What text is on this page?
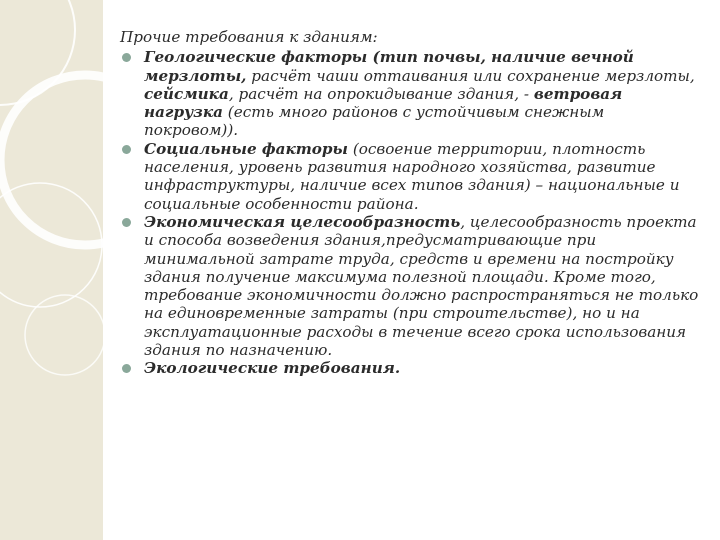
Прочие требования к зданиям:

Геологические факторы (тип почвы, наличие вечной мерзлоты, расчёт чаши оттаивания или сохранение мерзлоты, сейсмика, расчёт на опрокидывание здания, - ветровая нагрузка (есть много районов с устойчивым снежным покровом)).
Социальные факторы (освоение территории, плотность населения, уровень развития народного хозяйства, развитие инфраструктуры, наличие всех типов здания) – национальные и социальные особенности района.
Экономическая целесообразность, целесообразность проекта и способа возведения здания,предусматривающие при минимальной затрате труда, средств и времени на постройку здания получение максимума полезной площади. Кроме того, требование экономичности должно распространяться не только на единовременные затраты (при строительстве), но и на эксплуатационные расходы в течение всего срока использования здания по назначению.
Экологические требования.
